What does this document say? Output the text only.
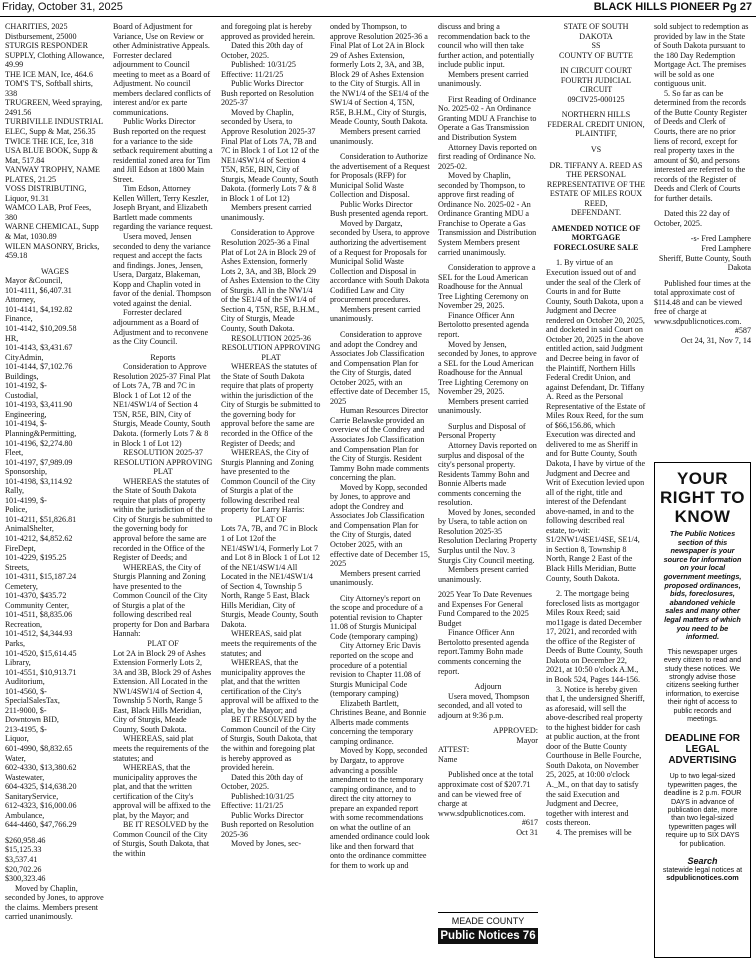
Friday, October 31, 2025	BLACK HILLS PIONEER Pg 27

CHARITIES, 2025 Distbursement, 25000

STURGIS RESPONDER SUPPLY, Clothing Allowance, 49.99

THE ICE MAN, Ice, 464.6

TOM'S T'S, Softball shirts, 338

TRUGREEN, Weed spraying, 2491.56

TURBIVILLE INDUSTRIAL ELEC, Supp & Mat, 256.35

TWICE THE ICE, Ice, 318

USA BLUE BOOK, Supp & Mat, 517.84

VANWAY TROPHY, NAME PLATES, 21.25

VOSS DISTRIBUTING, Liquor, 91.31

WAMCO LAB, Prof Fees, 380

WARNE CHEMICAL, Supp & Mat, 1030.89

WILEN MASONRY, Bricks, 459.18

WAGES

Mayor &Council,

101-4111, $6,407.31

Attorney,

101-4141, $4,192.82

Finance,

101-4142, $10,209.58

HR,

101-4143, $3,431.67

CityAdmin,

101-4144, $7,102.76

Buildings,

101-4192, $-

Custodial,

101-4193, $3,411.90

Engineering,

101-4194, $-

Planning&Permitting,

101-4196, $2,274.80

Fleet,

101-4197, $7,989.09

Sponsorship,

101-4198, $3,114.92

Rally,

101-4199, $-

Police,

101-4211, $51,826.81

AnimalShelter,

101-4212, $4,852.62

FireDept,

101-4229, $195.25

Streets,

101-4311, $15,187.24

Cemetery,

101-4370, $435.72

Community Center,

101-4511, $8,835.06

Recreation,

101-4512, $4,344.93

Parks,

101-4520, $15,614.45

Library,

101-4551, $10,913.71

Auditorium,

101-4560, $-

SpecialSalesTax,

211-9000, $-

Downtown BID,

213-4195, $-

Liquor,

601-4990, $8,832.65

Water,

602-4330, $13,380.62

Wastewater,

604-4325, $14,638.20

SanitaryService,

612-4323, $16,000.06

Ambulance,

644-4460, $47,766.29

$260,958.46

$15,125.33

$3,537.41

$20,702.26

$300,323.46

Moved by Chaplin, seconded by Jones, to approve the claims. Members present carried unanimously.

Board of Adjustment for Variance, Use on Review or other Administrative Appeals. Forrester declared adjournment to Council meeting to meet as a Board of Adjustment. No council members declared conflicts of interest and/or ex parte communications.

Public Works Director Bush reported on the request for a variance to the side setback requirement abutting a residential zoned area for Tim and Jill Edson at 1800 Main Street.

Tim Edson, Attorney Kellen Willert, Terry Keszler, Joseph Bryant, and Elizabeth Bartlett made comments regarding the variance request.

Usera moved, Jensen seconded to deny the variance request and accept the facts and findings. Jones, Jensen, Usera, Dargatz, Blakeman, Kopp and Chaplin voted in favor of the denial. Thompson voted against the denial.

Forrester declared adjournment as a Board of Adjustment and to reconvene as the City Council.

Reports

Consideration to Approve Resolution 2025-37 Final Plat of Lots 7A, 7B and 7C in Block 1 of Lot 12 of the NE1/4SW1/4 of Section 4 T5N, R5E, BIN, City of Sturgis, Meade County, South Dakota. (formerly Lots 7 & 8 in Block 1 of Lot 12)

RESOLUTION 2025-37

RESOLUTION APPROVING PLAT

WHEREAS the statutes of the State of South Dakota require that plats of property within the jurisdiction of the City of Sturgis be submitted to the governing body for approval before the same are recorded in the Office of the Register of Deeds; and

WHEREAS, the City of Sturgis Planning and Zoning have presented to the Common Council of the City of Sturgis a plat of the following described real property for Don and Barbara Hannah:

PLAT OF

Lot 2A in Block 29 of Ashes Extension Formerly Lots 2, 3A and 3B, Block 29 of Ashes Extension. All Located in the NW1/4SW1/4 of Section 4, Township 5 North, Range 5 East, Black Hills Meridian, City of Sturgis, Meade County, South Dakota.

WHEREAS, said plat meets the requirements of the statutes; and

WHEREAS, that the municipality approves the plat, and that the written certification of the City's approval will be affixed to the plat, by the Mayor; and

BE IT RESOLVED by the Common Council of the City of Sturgis, South Dakota, that the within

and foregoing plat is hereby approved as provided herein.

Dated this 20th day of October, 2025.

Published: 10/31/25

Effective: 11/21/25

Public Works Director Bush reported on Resolution 2025-37

Moved by Chaplin, seconded by Usera, to Approve Resolution 2025-37 Final Plat of Lots 7A, 7B and 7C in Block 1 of Lot 12 of the NE1/4SW1/4 of Section 4 T5N, R5E, BIN, City of Sturgis, Meade County, South Dakota. (formerly Lots 7 & 8 in Block 1 of Lot 12)

Members present carried unanimously.

Consideration to Approve Resolution 2025-36 a Final Plat of Lot 2A in Block 29 of Ashes Extension, formerly Lots 2, 3A, and 3B, Block 29 of Ashes Extension to the City of Sturgis. All in the NW1/4 of the SE1/4 of the SW1/4 of Section 4, T5N, R5E, B.H.M., City of Sturgis, Meade County, South Dakota.

RESOLUTION 2025-36

RESOLUTION APPROVING PLAT

WHEREAS the statutes of the State of South Dakota require that plats of property within the jurisdiction of the City of Sturgis be submitted to the governing body for approval before the same are recorded in the Office of the Register of Deeds; and

WHEREAS, the City of Sturgis Planning and Zoning have presented to the Common Council of the City of Sturgis a plat of the following described real property for Larry Harris:

PLAT OF

Lots 7A, 7B, and 7C in Block 1 of Lot 12of the NE1/4SW1/4, Formerly Lot 7 and Lot 8 in Block 1 of Lot 12 of the NE1/4SW1/4 All Located in the NE1/4SW1/4 of Section 4, Township 5 North, Range 5 East, Black Hills Meridian, City of Sturgis, Meade County, South Dakota.

WHEREAS, said plat meets the requirements of the statutes; and

WHEREAS, that the municipality approves the plat, and that the written certification of the City's approval will be affixed to the plat, by the Mayor; and

BE IT RESOLVED by the Common Council of the City of Sturgis, South Dakota, that the within and foregoing plat is hereby approved as provided herein.

Dated this 20th day of October, 2025.

Published:10/31/25

Effective: 11/21/25

Public Works Director Bush reported on Resolution 2025-36

Moved by Jones, sec-

onded by Thompson, to approve Resolution 2025-36 a Final Plat of Lot 2A in Block 29 of Ashes Extension, formerly Lots 2, 3A, and 3B, Block 29 of Ashes Extension to the City of Sturgis. All in the NW1/4 of the SE1/4 of the SW1/4 of Section 4, T5N, R5E, B.H.M., City of Sturgis, Meade County, South Dakota.

Members present carried unanimously.

Consideration to Authorize the advertisement of a Request for Proposals (RFP) for Municipal Solid Waste Collection and Disposal.

Public Works Director Bush presented agenda report.

Moved by Dargatz, seconded by Usera, to approve authorizing the advertisement of a Request for Proposals for Municipal Solid Waste Collection and Disposal in accordance with South Dakota Codified Law and City procurement procedures.

Members present carried unanimously.

Consideration to approve and adopt the Condrey and Associates Job Classification and Compensation Plan for the City of Sturgis, dated October 2025, with an effective date of December 15, 2025

Human Resources Director Carrie Belawske provided an overview of the Condrey and Associates Job Classification and Compensation Plan for the City of Sturgis. Resident Tammy Bohn made comments concerning the plan.

Moved by Kopp, seconded by Jones, to approve and adopt the Condrey and Associates Job Classification and Compensation Plan for the City of Sturgis, dated October 2025, with an effective date of December 15, 2025

Members present carried unanimously.

City Attorney's report on the scope and procedure of a potential revision to Chapter 11.08 of Sturgis Municipal Code (temporary camping)

City Attorney Eric Davis reported on the scope and procedure of a potential revision to Chapter 11.08 of Sturgis Municipal Code (temporary camping)

Elizabeth Bartlett, Christines Beane, and Bonnie Alberts made comments concerning the temporary camping ordinance.

Moved by Kopp, seconded by Dargatz, to approve advancing a possible amendment to the temporary camping ordinance, and to direct the city attorney to prepare an expanded report with some recommendations on what the outline of an amended ordinance could look like and then forward that onto the ordinance committee for them to work up and

discuss and bring a recommendation back to the council who will then take further action, and potentially include public input.

Members present carried unanimously.

First Reading of Ordinance No. 2025-02 - An Ordinance Granting MDU A Franchise to Operate a Gas Transmission and Distribution System

Attorney Davis reported on first reading of Ordinance No. 2025-02.

Moved by Chaplin, seconded by Thompson, to approve first reading of Ordinance No. 2025-02 - An Ordinance Granting MDU a Franchise to Operate a Gas Transmission and Distribution System Members present carried unanimously.

Consideration to approve a SEL for the Loud American Roadhouse for the Annual Tree Lighting Ceremony on November 29, 2025.

Finance Officer Ann Bertolotto presented agenda report.

Moved by Jensen, seconded by Jones, to approve a SEL for the Loud American Roadhouse for the Annual Tree Lighting Ceremony on November 29, 2025.

Members present carried unanimously.

Surplus and Disposal of Personal Property

Attorney Davis reported on surplus and disposal of the city's personal property. Residents Tammy Bohn and Bonnie Alberts made comments concerning the resolution.

Moved by Jones, seconded by Usera, to table action on Resolution 2025-35 Resolution Declaring Property Surplus until the Nov. 3 Sturgis City Council meeting.

Members present carried unanimously.

2025 Year To Date Revenues and Expenses For General Fund Compared to the 2025 Budget

Finance Officer Ann Bertolotto presented agenda report.Tammy Bohn made comments concerning the report.

Adjourn

Usera moved, Thompson seconded, and all voted to adjourn at 9:36 p.m.

APPROVED:

Mayor

ATTEST:

Name

Published once at the total approximate cost of $207.71 and can be viewed free of charge at www.sdpublicnotices.com.

#617

Oct 31

STATE OF SOUTH DAKOTA

SS

COUNTY OF BUTTE

IN CIRCUIT COURT FOURTH JUDICIAL CIRCUIT

09CIV25-000125

NORTHERN HILLS FEDERAL CREDIT UNION,

PLAINTIFF,

VS

DR. TIFFANY A. REED AS THE PERSONAL REPRESENTATIVE OF THE ESTATE OF MILES ROUX REED,

DEFENDANT.

AMENDED NOTICE OF MORTGAGE FORECLOSURE SALE

1. By virtue of an Execution issued out of and under the seal of the Clerk of Courts in and for Butte County, South Dakota, upon a Judgment and Decree rendered on October 20, 2025, and docketed in said Court on October 20, 2025 in the above entitled action, said Judgment and Decree being in favor of the Plaintiff, Northern Hills Federal Credit Union, and against Defendant, Dr. Tiffany A. Reed as the Personal Representative of the Estate of Miles Roux Reed, for the sum of $66,156.86, which Execution was directed and delivered to me as Sheriff in and for Butte County, South Dakota, I have by virtue of the Judgment and Decree and Writ of Execution levied upon all of the right, title and interest of the Defendant above-named, in and to the following described real estate, to-wit:

S1/2NW1/4SE1/4SE, SE1/4, in Section 8, Township 8 North, Range 2 East of the Black Hills Meridian, Butte County, South Dakota.

2. The mortgage being foreclosed lists as mortgagor Miles Roux Reed; said mo11gage is dated December 17, 2021, and recorded with the office of the Register of Deeds of Butte County, South Dakota on December 22, 2021, at 10:50 o'clock A.M., in Book 524, Pages 144-156.

3. Notice is hereby given that I, the undersigned Sheriff, as aforesaid, will sell the above-described real property to the highest bidder for cash at public auction, at the front door of the Butte County Courthouse in Belle Fourche, South Dakota, on November 25, 2025, at 10:00 o'clock A._M., on that day to satisfy the said Execution and Judgment and Decree, together with interest and costs thereon.

4. The premises will be

sold subject to redemption as provided by law in the State of South Dakota pursuant to the 180 Day Redemption Mortgage Act. The premises will be sold as one contiguous unit.

5. So far as can be determined from the records of the Butte County Register of Deeds and Clerk of Courts, there are no prior liens of record, except for real property taxes in the amount of $0, and persons interested are referred to the records of the Register of Deeds and Clerk of Courts for further details.

Dated this 22 day of October, 2025.

-s- Fred Lamphere

Fred Lamphere

Sheriff, Butte County, South Dakota

Published four times at the total approximate cost of $114.48 and can be viewed free of charge at www.sdpublicnotices.com.

#587

Oct 24, 31, Nov 7, 14

YOUR RIGHT TO KNOW
The Public Notices section of this newspaper is your source for information on your local government meetings, proposed ordinances, bids, foreclosures, abandoned vehicle sales and many other legal matters of which you need to be informed.
This newspaper urges every citizen to read and study these notices. We strongly advise those citizens seeking further information, to exercise their right of access to public records and meetings.
DEADLINE FOR LEGAL ADVERTISING
Up to two legal-sized typewritten pages, the deadline is 2 p.m. FOUR DAYS in advance of publication date, more than two legal-sized typewritten pages will require up to SIX DAYS for publication.
Search
statewide legal notices at
sdpublicnotices.com
MEADE COUNTY
Public Notices 76
